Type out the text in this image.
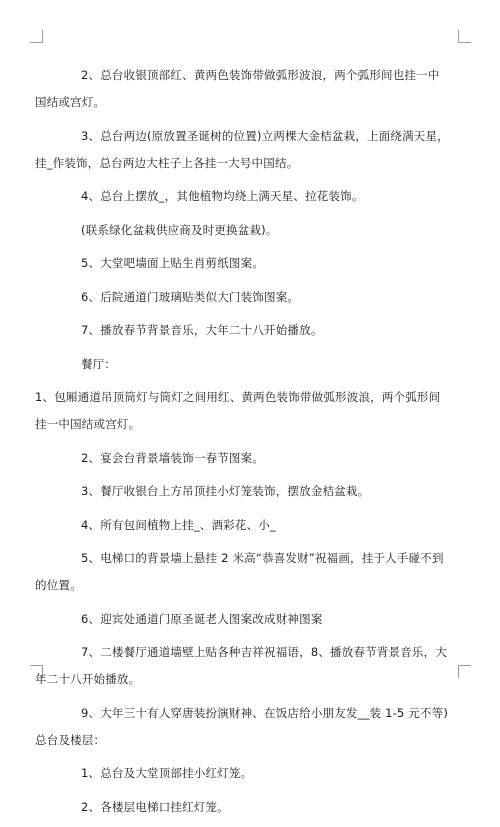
2、总台收银顶部红、黄两色装饰带做弧形波浪，两个弧形间也挂一中国结或宫灯。

3、总台两边(原放置圣诞树的位置)立两棵大金桔盆栽，上面绕满天星，挂_作装饰，总台两边大柱子上各挂一大号中国结。

4、总台上摆放_，其他植物均绕上满天星、拉花装饰。

(联系绿化盆栽供应商及时更换盆栽)。

5、大堂吧墙面上贴生肖剪纸图案。

6、后院通道门玻璃贴类似大门装饰图案。

7、播放春节背景音乐，大年二十八开始播放。

餐厅：

1、包厢通道吊顶筒灯与筒灯之间用红、黄两色装饰带做弧形波浪，两个弧形间挂一中国结或宫灯。

2、宴会台背景墙装饰一春节图案。

3、餐厅收银台上方吊顶挂小灯笼装饰，摆放金桔盆栽。

4、所有包间植物上挂_、酒彩花、小_

5、电梯口的背景墙上悬挂 2 米高“恭喜发财”祝福画，挂于人手碰不到的位置。

6、迎宾处通道门原圣诞老人图案改成财神图案

7、二楼餐厅通道墙壁上贴各种吉祥祝福语，8、播放春节背景音乐，大年二十八开始播放。

9、大年三十有人穿唐装扮演财神、在饭店给小朋友发__装 1-5 元不等)总台及楼层：

1、总台及大堂顶部挂小红灯笼。

2、各楼层电梯口挂红灯笼。
